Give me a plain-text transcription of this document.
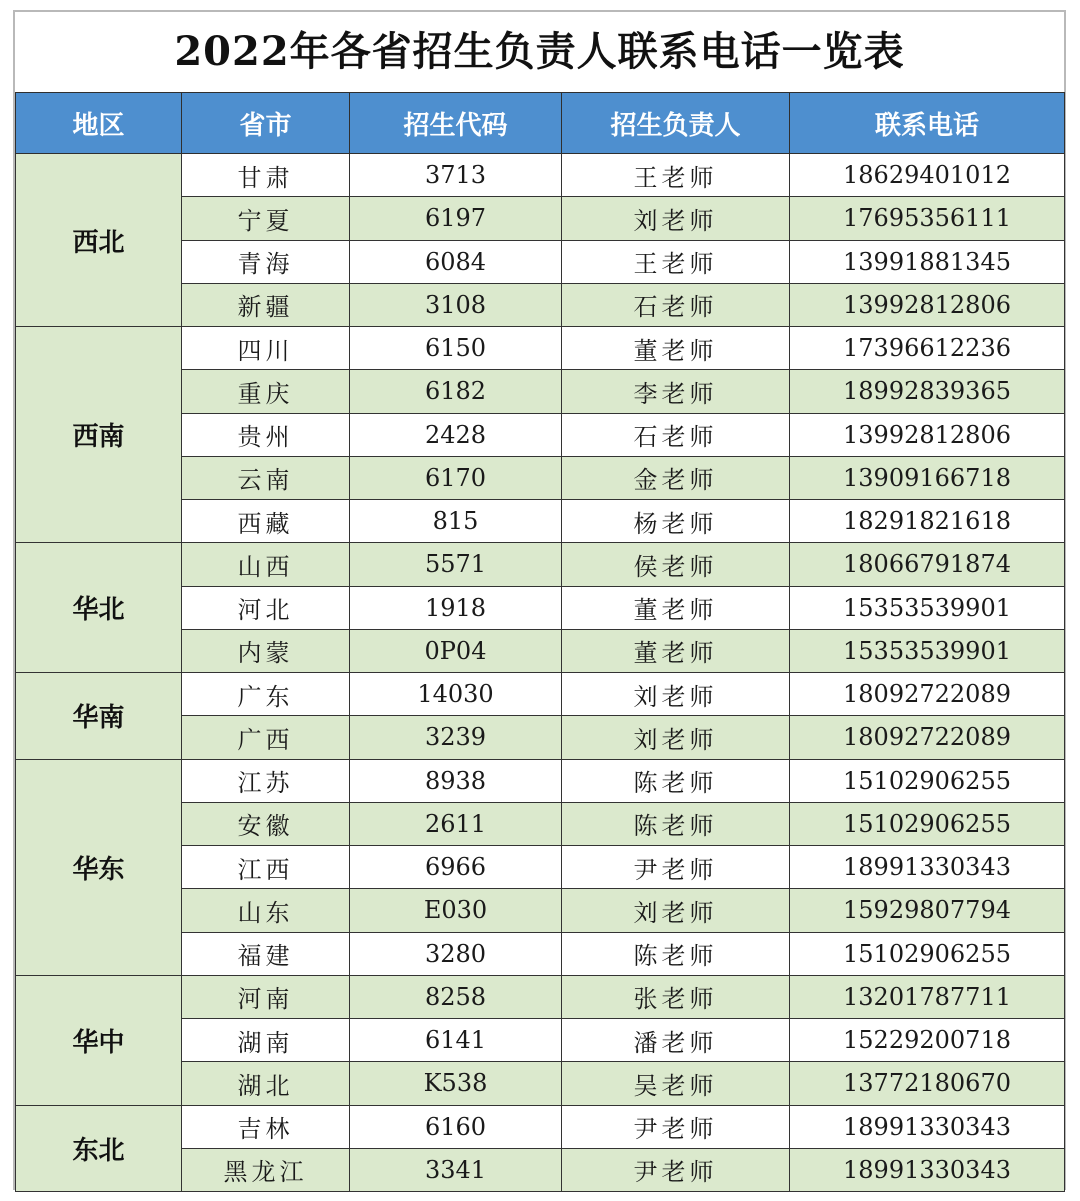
2022年各省招生负责人联系电话一览表
地区	省市	招生代码	招生负责人	联系电话
西北	甘肃	3713	王老师	18629401012
	宁夏	6197	刘老师	17695356111
	青海	6084	王老师	13991881345
	新疆	3108	石老师	13992812806
西南	四川	6150	董老师	17396612236
	重庆	6182	李老师	18992839365
	贵州	2428	石老师	13992812806
	云南	6170	金老师	13909166718
	西藏	815	杨老师	18291821618
华北	山西	5571	侯老师	18066791874
	河北	1918	董老师	15353539901
	内蒙	0P04	董老师	15353539901
华南	广东	14030	刘老师	18092722089
	广西	3239	刘老师	18092722089
华东	江苏	8938	陈老师	15102906255
	安徽	2611	陈老师	15102906255
	江西	6966	尹老师	18991330343
	山东	E030	刘老师	15929807794
	福建	3280	陈老师	15102906255
华中	河南	8258	张老师	13201787711
	湖南	6141	潘老师	15229200718
	湖北	K538	吴老师	13772180670
东北	吉林	6160	尹老师	18991330343
	黑龙江	3341	尹老师	18991330343
